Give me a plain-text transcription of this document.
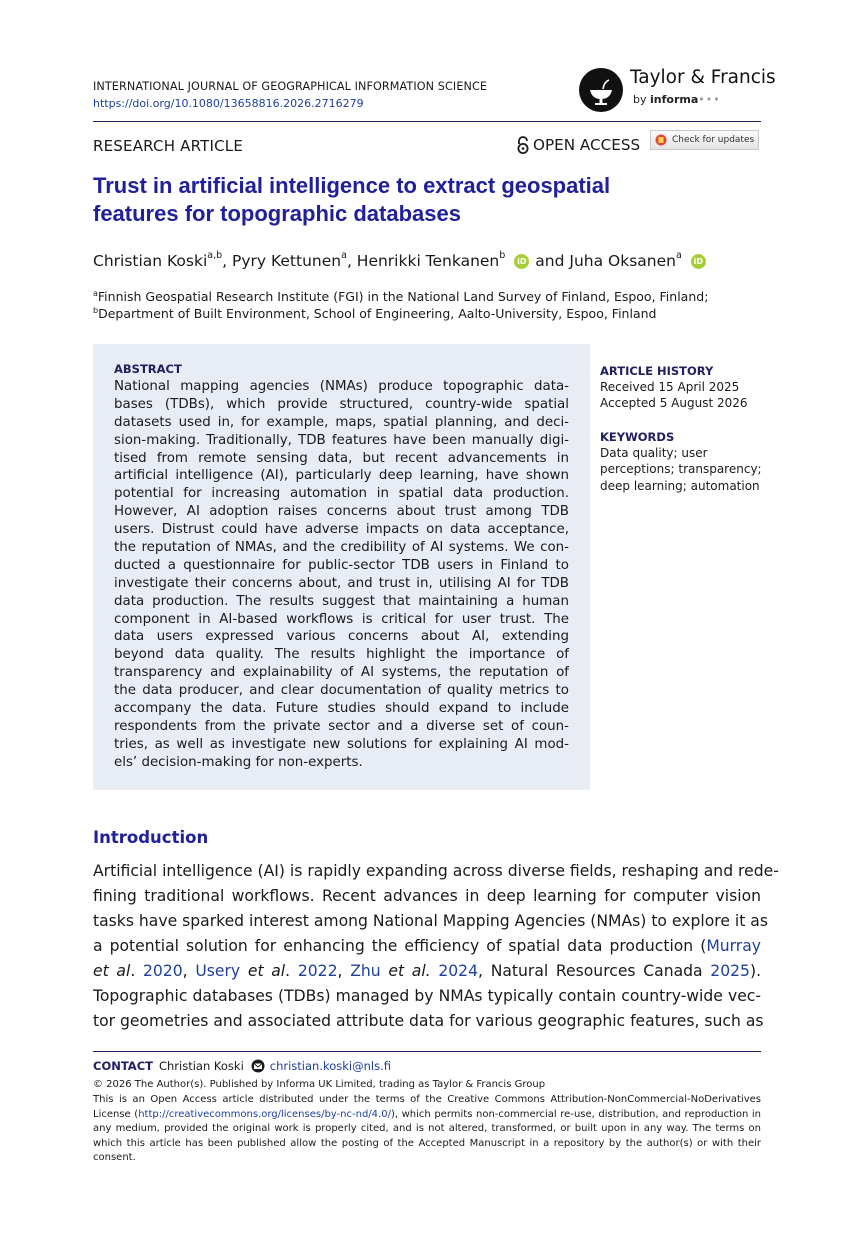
INTERNATIONAL JOURNAL OF GEOGRAPHICAL INFORMATION SCIENCE
https://doi.org/10.1080/13658816.2026.2716279
Taylor & Francis
by informa•••
RESEARCH ARTICLE	OPEN ACCESS	Check for updates
Trust in artificial intelligence to extract geospatial
features for topographic databases
Christian Koski$^{a,b}$ , Pyry Kettunen$^a$ , Henrikki Tenkanen$^b$
iD and Juha Oksanen$^a$
iD
$^a$Finnish Geospatial Research Institute (FGI) in the National Land Survey of Finland, Espoo, Finland;
$^b$Department of Built Environment, School of Engineering, Aalto-University, Espoo, Finland
ABSTRACT
National mapping agencies (NMAs) produce topographic data-
bases (TDBs), which provide structured, country-wide spatial
datasets used in, for example, maps, spatial planning, and deci-
sion-making. Traditionally, TDB features have been manually digi-
tised from remote sensing data, but recent advancements in
artificial intelligence (AI), particularly deep learning, have shown
potential for increasing automation in spatial data production.
However, AI adoption raises concerns about trust among TDB
users. Distrust could have adverse impacts on data acceptance,
the reputation of NMAs, and the credibility of AI systems. We con-
ducted a questionnaire for public-sector TDB users in Finland to
investigate their concerns about, and trust in, utilising AI for TDB
data production. The results suggest that maintaining a human
component in AI-based workflows is critical for user trust. The
data users expressed various concerns about AI, extending
beyond data quality. The results highlight the importance of
transparency and explainability of AI systems, the reputation of
the data producer, and clear documentation of quality metrics to
accompany the data. Future studies should expand to include
respondents from the private sector and a diverse set of coun-
tries, as well as investigate new solutions for explaining AI mod-
els’ decision-making for non-experts.
ARTICLE HISTORY
Received 15 April 2025
Accepted 5 August 2026
KEYWORDS
Data quality; user
perceptions; transparency;
deep learning; automation
Introduction
Artificial intelligence (AI) is rapidly expanding across diverse fields, reshaping and rede-
fining traditional workflows. Recent advances in deep learning for computer vision
tasks have sparked interest among National Mapping Agencies (NMAs) to explore it as
a potential solution for enhancing the efficiency of spatial data production (Murray
et al. 2020, Usery et al. 2022, Zhu et al. 2024, Natural Resources Canada 2025).
Topographic databases (TDBs) managed by NMAs typically contain country-wide vec-
tor geometries and associated attribute data for various geographic features, such as
CONTACT Christian Koski christian.koski@nls.fi
© 2026 The Author(s). Published by Informa UK Limited, trading as Taylor & Francis Group
This is an Open Access article distributed under the terms of the Creative Commons Attribution-NonCommercial-NoDerivatives
License (http://creativecommons.org/licenses/by-nc-nd/4.0/), which permits non-commercial re-use, distribution, and reproduction in
any medium, provided the original work is properly cited, and is not altered, transformed, or built upon in any way. The terms on
which this article has been published allow the posting of the Accepted Manuscript in a repository by the author(s) or with their
consent.
